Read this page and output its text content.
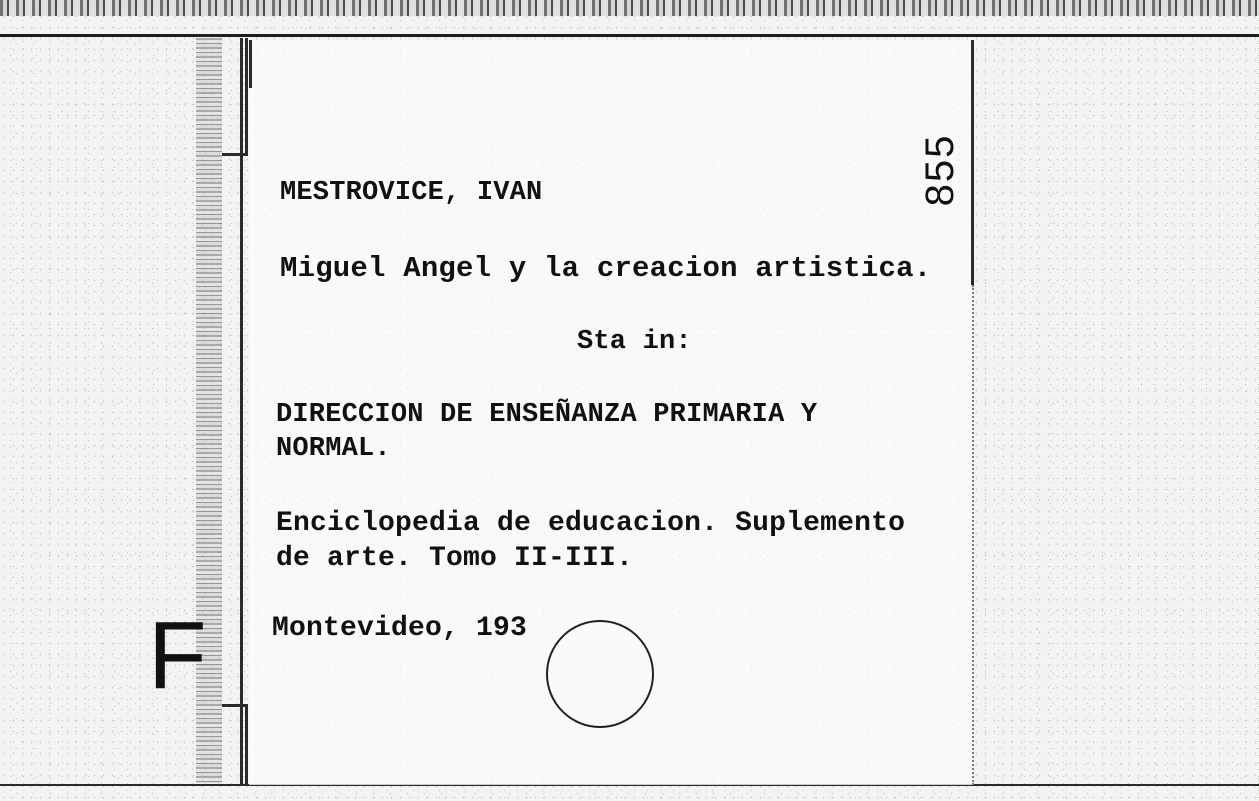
F
855
MESTROVICE, IVAN
Miguel Angel y la creacion artistica.
Sta in:
DIRECCION DE ENSEÑANZA PRIMARIA Y
NORMAL.
Enciclopedia de educacion. Suplemento
de arte. Tomo II-III.
Montevideo, 193
